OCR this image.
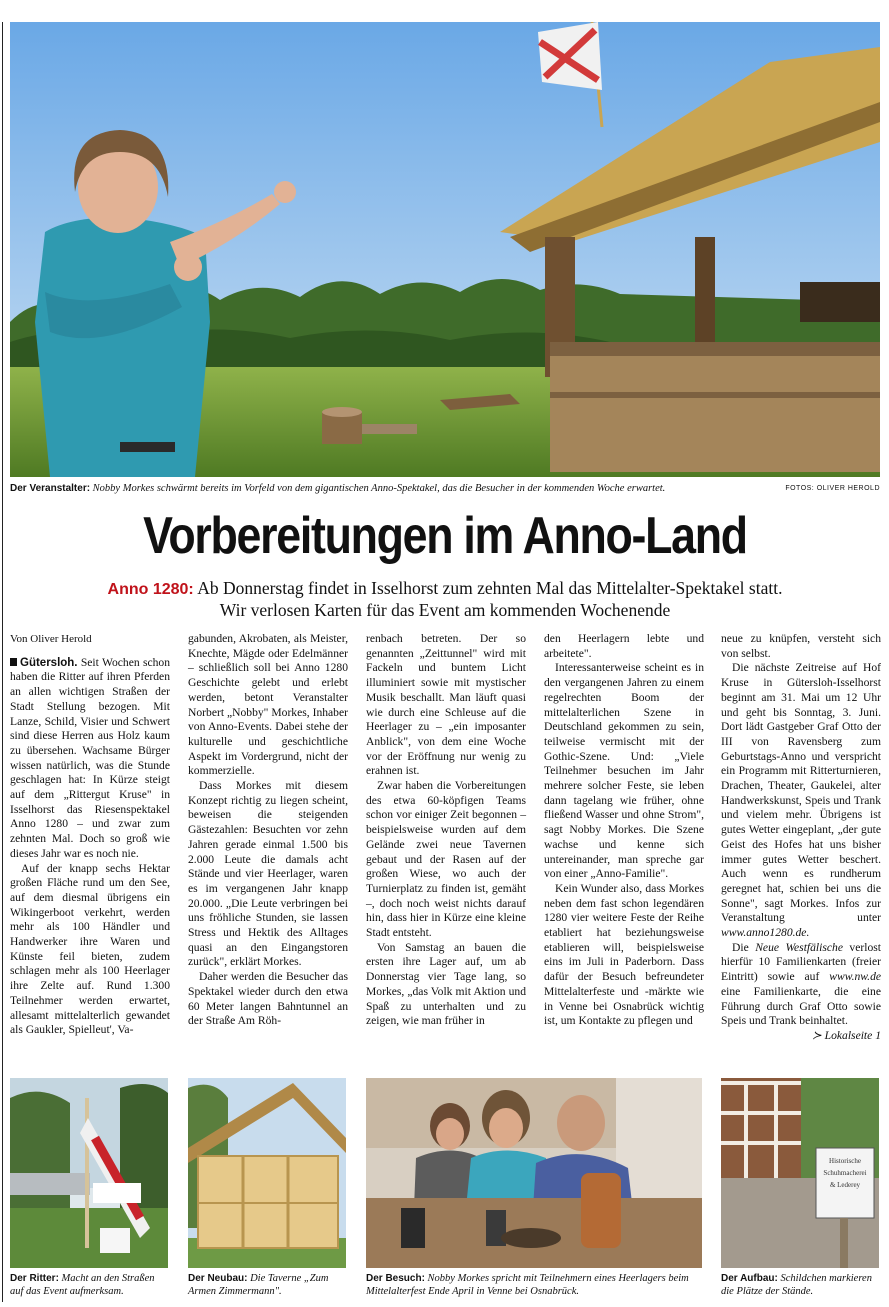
Der Veranstalter: Nobby Morkes schwärmt bereits im Vorfeld von dem gigantischen Anno-Spektakel, das die Besucher in der kommenden Woche erwartet.	FOTOS: OLIVER HEROLD
Vorbereitungen im Anno-Land
Anno 1280: Ab Donnerstag findet in Isselhorst zum zehnten Mal das Mittelalter-Spektakel statt.
Wir verlosen Karten für das Event am kommenden Wochenende
Von Oliver Herold

Gütersloh. Seit Wochen schon haben die Ritter auf ihren Pferden an allen wichtigen Straßen der Stadt Stellung bezogen. Mit Lanze, Schild, Visier und Schwert sind diese Herren aus Holz kaum zu übersehen. Wachsame Bürger wissen natürlich, was die Stunde geschlagen hat: In Kürze steigt auf dem „Rittergut Kruse" in Isselhorst das Riesenspektakel Anno 1280 – und zwar zum zehnten Mal. Doch so groß wie dieses Jahr war es noch nie.

Auf der knapp sechs Hektar großen Fläche rund um den See, auf dem diesmal übrigens ein Wikingerboot verkehrt, werden mehr als 100 Händler und Handwerker ihre Waren und Künste feil bieten, zudem schlagen mehr als 100 Heerlager ihre Zelte auf. Rund 1.300 Teilnehmer werden erwartet, allesamt mittelalterlich gewandet als Gaukler, Spielleut', Va-

gabunden, Akrobaten, als Meister, Knechte, Mägde oder Edelmänner – schließlich soll bei Anno 1280 Geschichte gelebt und erlebt werden, betont Veranstalter Norbert „Nobby" Morkes, Inhaber von Anno-Events. Dabei stehe der kulturelle und geschichtliche Aspekt im Vordergrund, nicht der kommerzielle.

Dass Morkes mit diesem Konzept richtig zu liegen scheint, beweisen die steigenden Gästezahlen: Besuchten vor zehn Jahren gerade einmal 1.500 bis 2.000 Leute die damals acht Stände und vier Heerlager, waren es im vergangenen Jahr knapp 20.000. „Die Leute verbringen bei uns fröhliche Stunden, sie lassen Stress und Hektik des Alltages quasi an den Eingangstoren zurück", erklärt Morkes.

Daher werden die Besucher das Spektakel wieder durch den etwa 60 Meter langen Bahntunnel an der Straße Am Röh-

renbach betreten. Der so genannten „Zeittunnel" wird mit Fackeln und buntem Licht illuminiert sowie mit mystischer Musik beschallt. Man läuft quasi wie durch eine Schleuse auf die Heerlager zu – „ein imposanter Anblick", von dem eine Woche vor der Eröffnung nur wenig zu erahnen ist.

Zwar haben die Vorbereitungen des etwa 60-köpfigen Teams schon vor einiger Zeit begonnen – beispielsweise wurden auf dem Gelände zwei neue Tavernen gebaut und der Rasen auf der großen Wiese, wo auch der Turnierplatz zu finden ist, gemäht –, doch noch weist nichts darauf hin, dass hier in Kürze eine kleine Stadt entsteht.

Von Samstag an bauen die ersten ihre Lager auf, um ab Donnerstag vier Tage lang, so Morkes, „das Volk mit Aktion und Spaß zu unterhalten und zu zeigen, wie man früher in

den Heerlagern lebte und arbeitete".

Interessanterweise scheint es in den vergangenen Jahren zu einem regelrechten Boom der mittelalterlichen Szene in Deutschland gekommen zu sein, teilweise vermischt mit der Gothic-Szene. Und: „Viele Teilnehmer besuchen im Jahr mehrere solcher Feste, sie leben dann tagelang wie früher, ohne fließend Wasser und ohne Strom", sagt Nobby Morkes. Die Szene wachse und kenne sich untereinander, man spreche gar von einer „Anno-Familie".

Kein Wunder also, dass Morkes neben dem fast schon legendären 1280 vier weitere Feste der Reihe etabliert hat beziehungsweise etablieren will, beispielsweise eins im Juli in Paderborn. Dass dafür der Besuch befreundeter Mittelalterfeste und -märkte wie in Venne bei Osnabrück wichtig ist, um Kontakte zu pflegen und

neue zu knüpfen, versteht sich von selbst.

Die nächste Zeitreise auf Hof Kruse in Gütersloh-Isselhorst beginnt am 31. Mai um 12 Uhr und geht bis Sonntag, 3. Juni. Dort lädt Gastgeber Graf Otto der III von Ravensberg zum Geburtstags-Anno und verspricht ein Programm mit Ritterturnieren, Drachen, Theater, Gaukelei, alter Handwerkskunst, Speis und Trank und vielem mehr. Übrigens ist gutes Wetter eingeplant, „der gute Geist des Hofes hat uns bisher immer gutes Wetter beschert. Auch wenn es rundherum geregnet hat, schien bei uns die Sonne", sagt Morkes. Infos zur Veranstaltung unter www.anno1280.de.

Die Neue Westfälische verlost hierfür 10 Familienkarten (freier Eintritt) sowie auf www.nw.de eine Familienkarte, die eine Führung durch Graf Otto sowie Speis und Trank beinhaltet.

≻ Lokalseite 1
Historische
Schuhmacherei
& Lederey
Der Ritter: Macht an den Straßen auf das Event aufmerksam.
Der Neubau: Die Taverne „Zum Armen Zimmermann".
Der Besuch: Nobby Morkes spricht mit Teilnehmern eines Heerlagers beim Mittelalterfest Ende April in Venne bei Osnabrück.
Der Aufbau: Schildchen markieren die Plätze der Stände.
